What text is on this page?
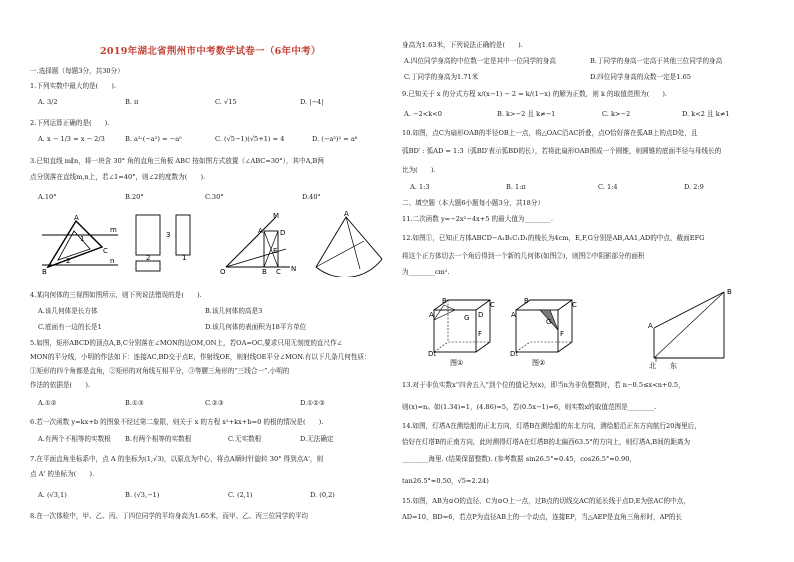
2019年湖北省荆州市中考数学试卷一（6年中考）
一.选择题（每题3分，共30分）
1.下列实数中最大的是(　　).
A. 3/2	B. π	C. √15	D. |−4|
2.下列运算正确的是(　　).
A. x − 1/3 = x − 2/3	B. a³·(−a²) = −a⁵	C. (√5−1)(√5+1) = 4	D. (−a³)² = a⁶
3.已知直线 m∥n，将一块含 30° 角的直角三角板 ABC 按如图方式放置（∠ABC=30°），其中A,B两
点分别落在直线m,n上，若∠1=40°，则∠2的度数为(　　).
A.10°	B.20°	C.30°	D.40°
A
B
C
m
n
1
2
3
2	1
M
A D
E
O	B C N
A
4.某向何体的三视图如图所示，则下列说法错误的是(　　).
A.该几何体是长方体	B.该几何体的高是3
C.底面有一边的长是1	D.该几何体的表面积为18平方单位
5.如图，矩形ABCD的顶点A,B,C分别落在∠MON的边OM,ON上，若OA=OC,要求只用无刻度的直尺作∠
MON的平分线，小明的作法如下：连接AC,BD交于点E，作射线OE，则射线OE平分∠MON.有以下几条几何性质：
①矩形的四个角都是直角，②矩形的对角线互相平分，③等腰三角形的“三线合一”.小明的
作法的依据是(　　).
A.①②	B.①③	C.②③	D.①②③
6.若一次函数 y=kx+b 的图象不经过第二象限，则关于 x 的方程 x²+kx+b=0 的根的情况是(　　).
A.有两个不相等的实数根 B.有两个相等的实数根	C.无实数根	D.无法确定
7.在平面直角坐标系中，点 A 的坐标为(1,√3)，以原点为中心，将点A顺时针旋转 30° 得到点A'，则
点 A' 的坐标为(　　).
A. (√3,1)	B. (√3,−1)	C. (2,1)	D. (0,2)
8.在一次体检中，甲、乙、丙、丁四位同学的平均身高为1.65米，而甲、乙、丙三位同学的平均
身高为1.63米，下列说法正确的是(　　).
A.四位同学身高的中位数一定是其中一位同学的身高	B.丁同学的身高一定高于其他三位同学的身高
C.丁同学的身高为1.71米	D.四位同学身高的众数一定是1.65
9.已知关于 x 的分式方程 x/(x−1) − 2 = k/(1−x) 的解为正数，则 k 的取值范围为(　　).
A. −2<k<0	B. k>−2 且 k≠−1	C. k>−2	D. k<2 且 k≠1
10.如图，点C为扇形OAB的半径OB上一点，将△OAC沿AC折叠，点O恰好落在弧AB上的点D处，且
弧BD′ : 弧AD = 1:3（弧BD′表示弧BD的长），若将此扇形OAB围成一个圆锥，则圆锥的底面半径与母线长的
比为(　　).
A. 1:3	B. 1:π	C. 1:4	D. 2:9
二、填空题（本大题6小题每小题3分，共18分）
11.二次函数 y=−2x²−4x+5 的最大值为________.
12.如图①，已知正方体ABCD−A₁B₁C₁D₁的棱长为4cm，E,F,G分别是AB,AA1,AD的中点，截面EFG
将这个正方体切去一个角后得到一个新的几何体(如图②)，则图②中阴影部分的面积
为________cm².
B	C
G
A	D
F
D₁
图①
B	C
G
A
F
D₁
图②
B
A
北 东
13.对于非负实数x“四舍五入”到个位的值记为(x)，即当n为非负整数时，若 n−0.5≤x<n+0.5，
则(x)=n。如(1.34)=1，(4.86)=5，若(0.5x−1)=6，则实数x的取值范围是________.
14.如图，灯塔A在测绘船的正北方向，灯塔B在测绘船的东北方向，测绘船沿正东方向航行20海里后，
恰好在灯塔B的正南方向，此时测得灯塔A在灯塔B的北偏西63.5°的方向上，则灯塔A,B间的距离为
________海里. (结果保留整数). (参考数据 sin26.5°≈0.45，cos26.5°≈0.90，
tan26.5°≈0.50，√5≈2.24)
15.如图，AB为⊙O的直径，C为⊙O上一点，过B点的切线交AC的延长线于点D,E为弦AC的中点，
AD=10，BD=6，若点P为直径AB上的一个动点，连接EP，当△AEP是直角三角形时，AP的长
